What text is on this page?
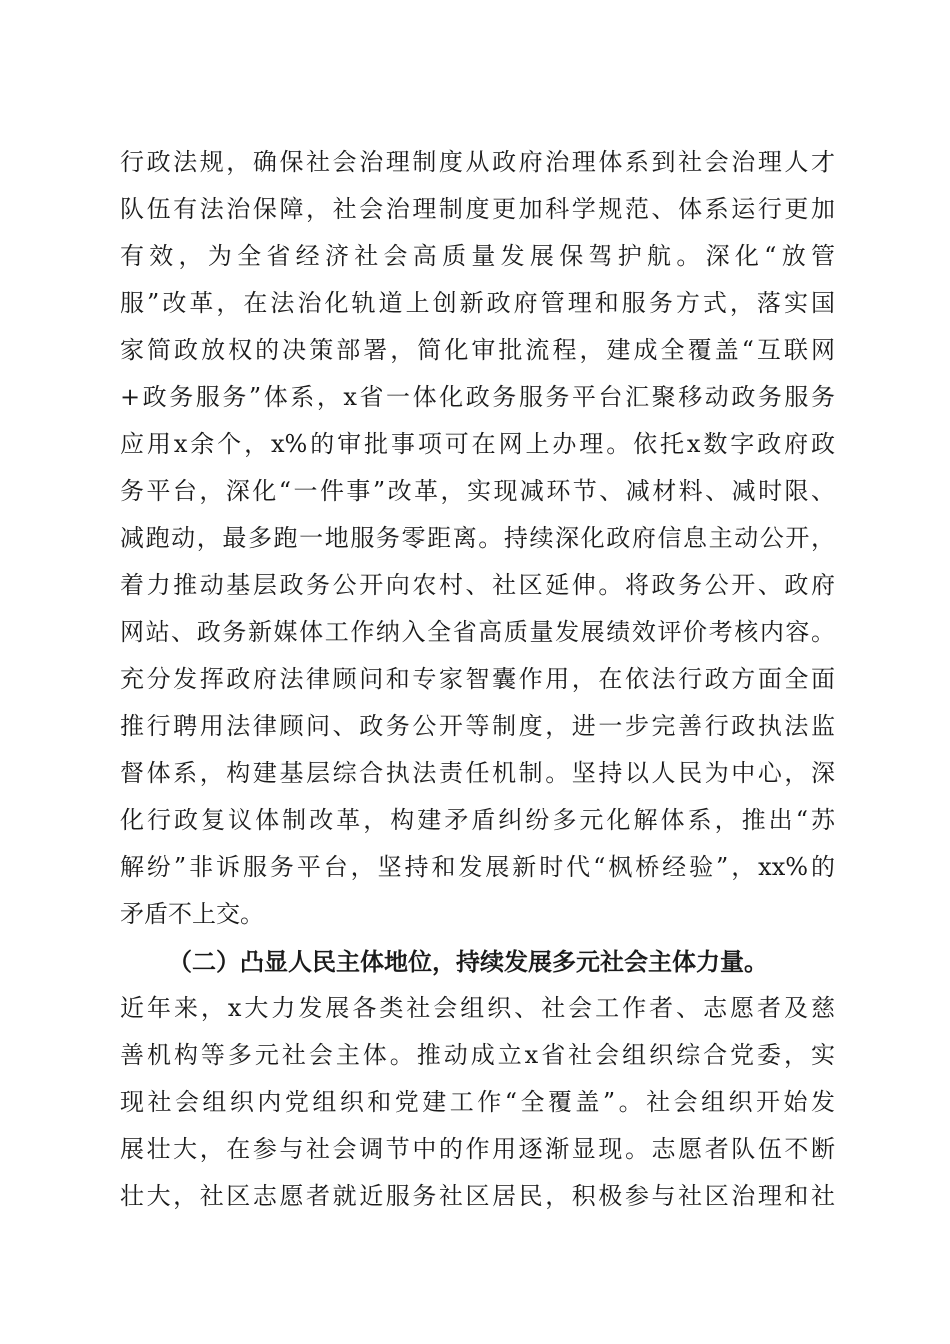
行政法规，确保社会治理制度从政府治理体系到社会治理人才
队伍有法治保障，社会治理制度更加科学规范、体系运行更加
有效，为全省经济社会高质量发展保驾护航。深化“放管
服”改革，在法治化轨道上创新政府管理和服务方式，落实国
家简政放权的决策部署，简化审批流程，建成全覆盖“互联网
+政务服务”体系，x省一体化政务服务平台汇聚移动政务服务
应用x余个，x%的审批事项可在网上办理。依托x数字政府政
务平台，深化“一件事”改革，实现减环节、减材料、减时限、
减跑动，最多跑一地服务零距离。持续深化政府信息主动公开，
着力推动基层政务公开向农村、社区延伸。将政务公开、政府
网站、政务新媒体工作纳入全省高质量发展绩效评价考核内容。
充分发挥政府法律顾问和专家智囊作用，在依法行政方面全面
推行聘用法律顾问、政务公开等制度，进一步完善行政执法监
督体系，构建基层综合执法责任机制。坚持以人民为中心，深
化行政复议体制改革，构建矛盾纠纷多元化解体系，推出“苏
解纷”非诉服务平台，坚持和发展新时代“枫桥经验”，xx%的
矛盾不上交。
（二）凸显人民主体地位，持续发展多元社会主体力量。
近年来，x大力发展各类社会组织、社会工作者、志愿者及慈
善机构等多元社会主体。推动成立x省社会组织综合党委，实
现社会组织内党组织和党建工作“全覆盖”。社会组织开始发
展壮大，在参与社会调节中的作用逐渐显现。志愿者队伍不断
壮大，社区志愿者就近服务社区居民，积极参与社区治理和社
